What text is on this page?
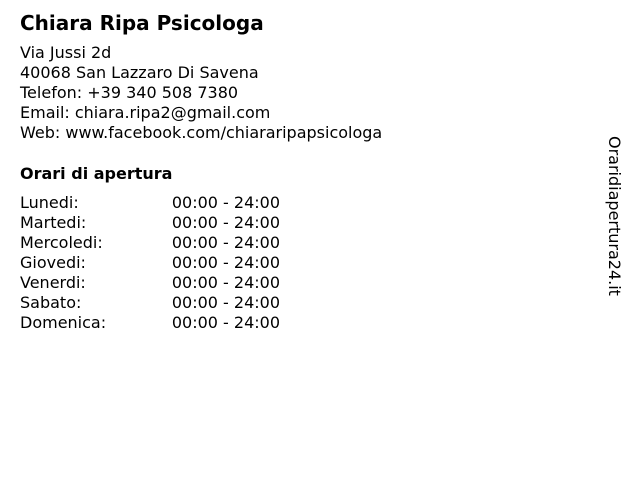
Chiara Ripa Psicologa
Via Jussi 2d
40068 San Lazzaro Di Savena
Telefon: +39 340 508 7380
Email: chiara.ripa2@gmail.com
Web: www.facebook.com/chiararipapsicologa
Orari di apertura
Lunedi:	00:00 - 24:00
Martedi:	00:00 - 24:00
Mercoledi:	00:00 - 24:00
Giovedi:	00:00 - 24:00
Venerdi:	00:00 - 24:00
Sabato:	00:00 - 24:00
Domenica:	00:00 - 24:00
Oraridiapertura24.it
